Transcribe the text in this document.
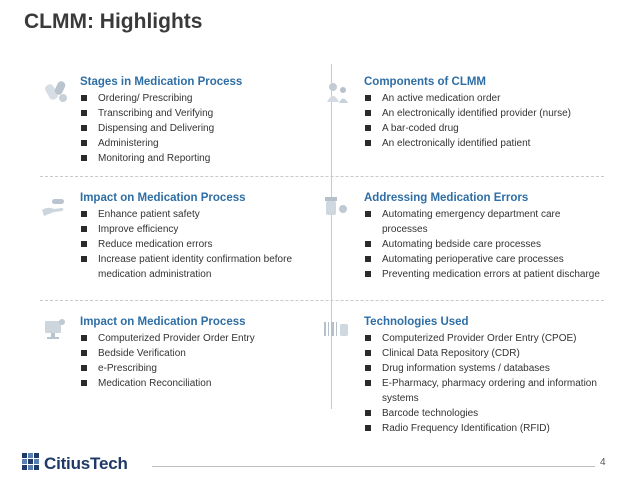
CLMM: Highlights
Stages in Medication Process
Ordering/ Prescribing
Transcribing and Verifying
Dispensing and Delivering
Administering
Monitoring and Reporting
Components of CLMM
An active medication order
An electronically identified provider (nurse)
A bar-coded drug
An electronically identified patient
Impact on Medication Process
Enhance patient safety
Improve efficiency
Reduce medication errors
Increase patient identity confirmation before medication administration
Addressing Medication Errors
Automating emergency department care processes
Automating bedside care processes
Automating perioperative care processes
Preventing medication errors at patient discharge
Impact on Medication Process
Computerized Provider Order Entry
Bedside Verification
e-Prescribing
Medication Reconciliation
Technologies Used
Computerized Provider Order Entry (CPOE)
Clinical Data Repository (CDR)
Drug information systems / databases
E-Pharmacy, pharmacy ordering and information systems
Barcode technologies
Radio Frequency Identification (RFID)
CitiusTech	4
